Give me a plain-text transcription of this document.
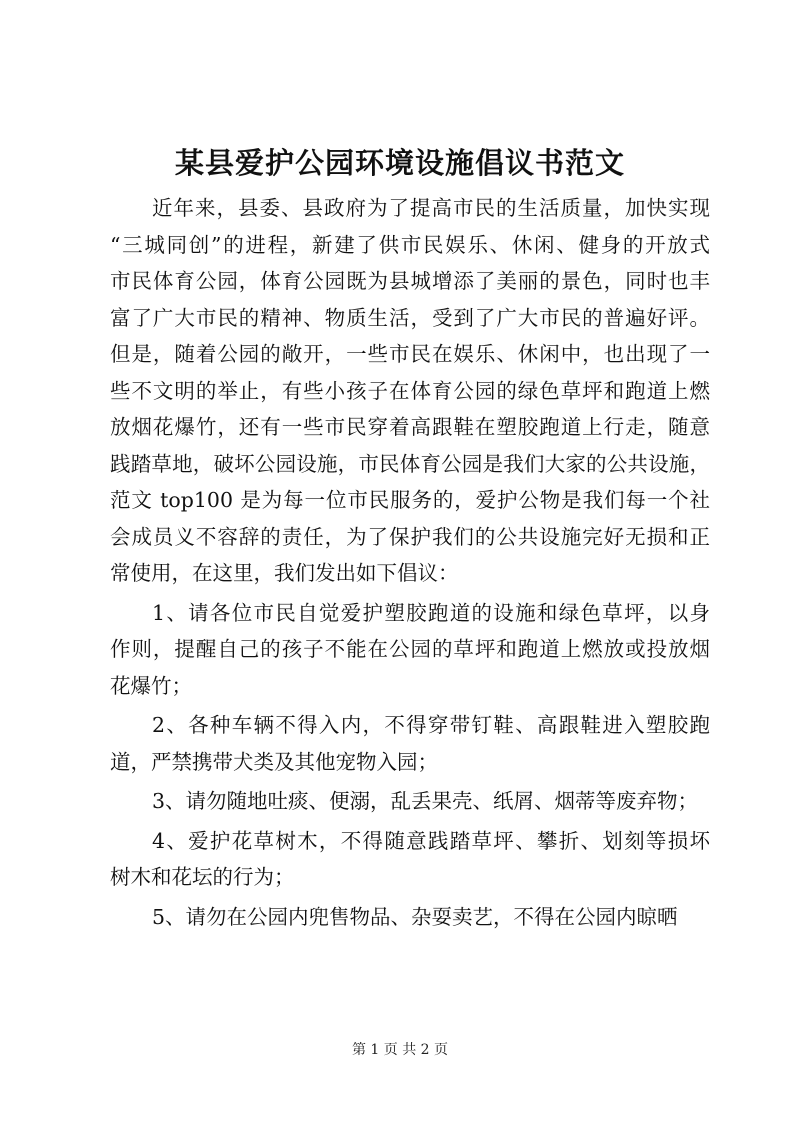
某县爱护公园环境设施倡议书范文
近年来，县委、县政府为了提高市民的生活质量，加快实现
“三城同创”的进程，新建了供市民娱乐、休闲、健身的开放式
市民体育公园，体育公园既为县城增添了美丽的景色，同时也丰
富了广大市民的精神、物质生活，受到了广大市民的普遍好评。
但是，随着公园的敞开，一些市民在娱乐、休闲中，也出现了一
些不文明的举止，有些小孩子在体育公园的绿色草坪和跑道上燃
放烟花爆竹，还有一些市民穿着高跟鞋在塑胶跑道上行走，随意
践踏草地，破坏公园设施，市民体育公园是我们大家的公共设施，
范文 top100 是为每一位市民服务的，爱护公物是我们每一个社
会成员义不容辞的责任，为了保护我们的公共设施完好无损和正
常使用，在这里，我们发出如下倡议：
1、请各位市民自觉爱护塑胶跑道的设施和绿色草坪，以身
作则，提醒自己的孩子不能在公园的草坪和跑道上燃放或投放烟
花爆竹；
2、各种车辆不得入内，不得穿带钉鞋、高跟鞋进入塑胶跑
道，严禁携带犬类及其他宠物入园；
3、请勿随地吐痰、便溺，乱丢果壳、纸屑、烟蒂等废弃物；
4、爱护花草树木，不得随意践踏草坪、攀折、划刻等损坏
树木和花坛的行为；
5、请勿在公园内兜售物品、杂耍卖艺，不得在公园内晾晒
第 1 页 共 2 页
